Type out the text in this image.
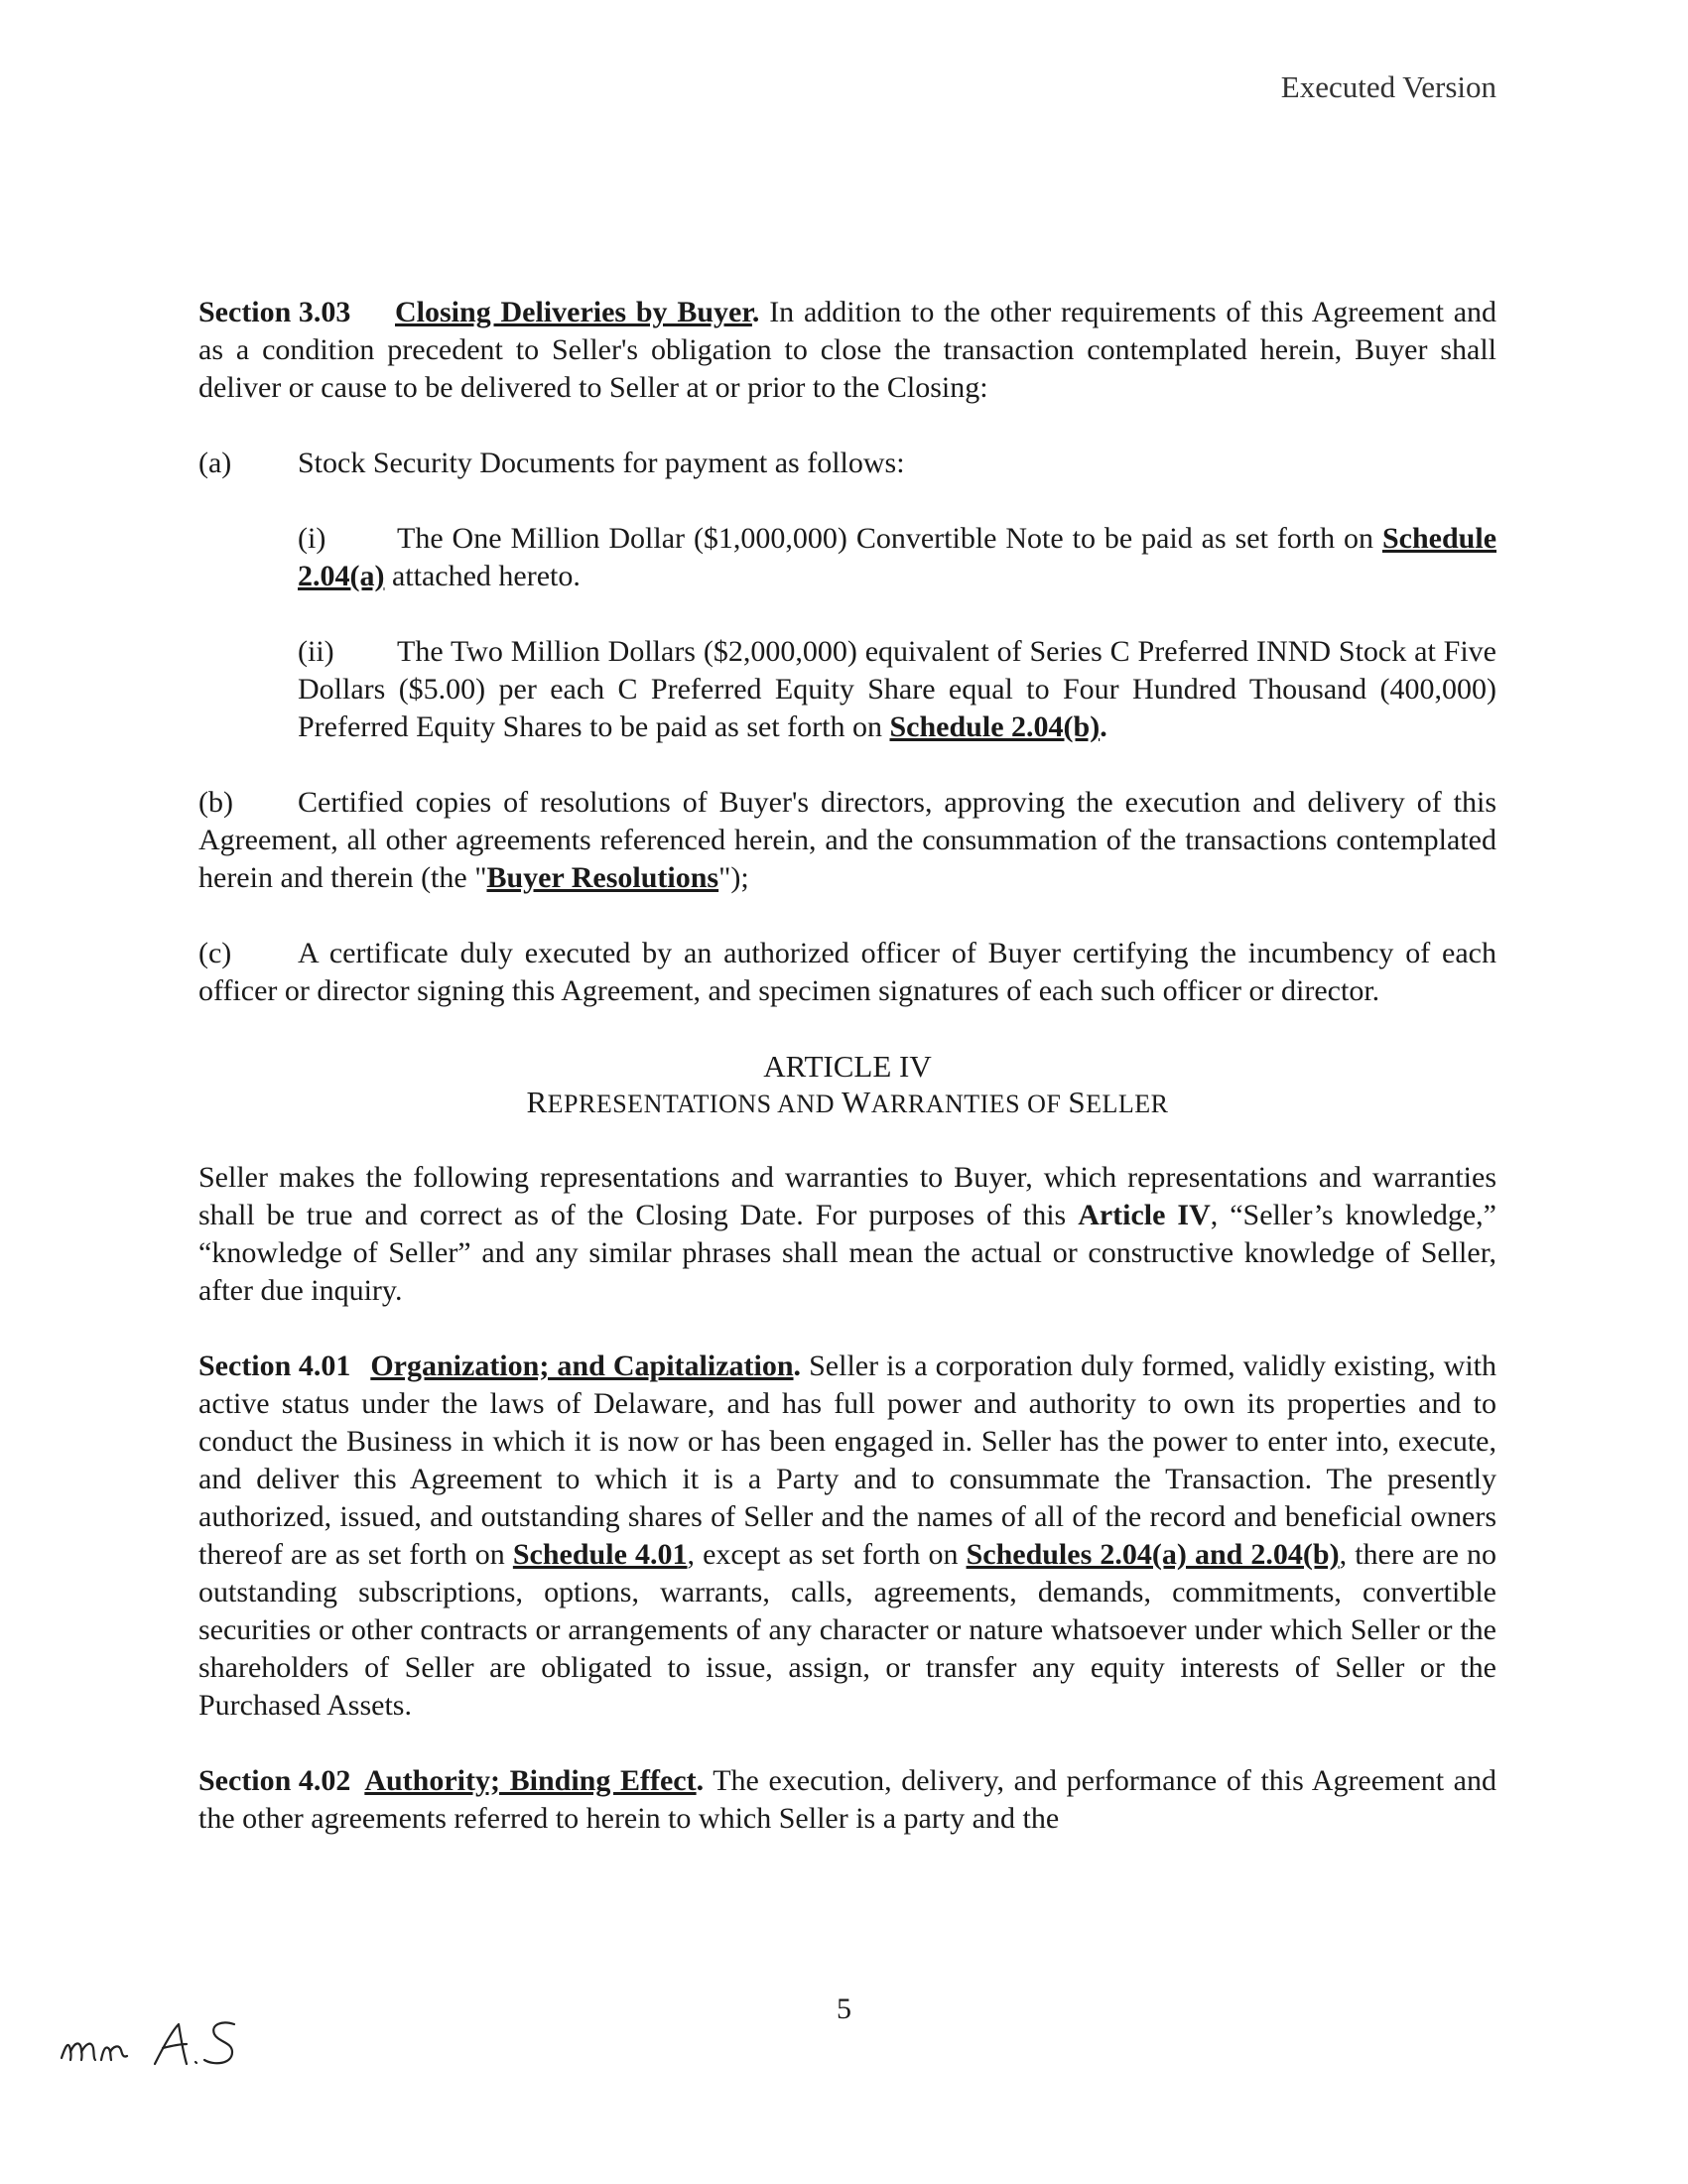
Executed Version

Section 3.03 Closing Deliveries by Buyer. In addition to the other requirements of this Agreement and as a condition precedent to Seller's obligation to close the transaction contemplated herein, Buyer shall deliver or cause to be delivered to Seller at or prior to the Closing:

(a) Stock Security Documents for payment as follows:

(i) The One Million Dollar ($1,000,000) Convertible Note to be paid as set forth on Schedule 2.04(a) attached hereto.

(ii) The Two Million Dollars ($2,000,000) equivalent of Series C Preferred INND Stock at Five Dollars ($5.00) per each C Preferred Equity Share equal to Four Hundred Thousand (400,000) Preferred Equity Shares to be paid as set forth on Schedule 2.04(b).

(b) Certified copies of resolutions of Buyer's directors, approving the execution and delivery of this Agreement, all other agreements referenced herein, and the consummation of the transactions contemplated herein and therein (the "Buyer Resolutions");

(c) A certificate duly executed by an authorized officer of Buyer certifying the incumbency of each officer or director signing this Agreement, and specimen signatures of each such officer or director.

ARTICLE IV

REPRESENTATIONS AND WARRANTIES OF SELLER

Seller makes the following representations and warranties to Buyer, which representations and warranties shall be true and correct as of the Closing Date. For purposes of this Article IV, “Seller’s knowledge,” “knowledge of Seller” and any similar phrases shall mean the actual or constructive knowledge of Seller, after due inquiry.

Section 4.01 Organization; and Capitalization. Seller is a corporation duly formed, validly existing, with active status under the laws of Delaware, and has full power and authority to own its properties and to conduct the Business in which it is now or has been engaged in. Seller has the power to enter into, execute, and deliver this Agreement to which it is a Party and to consummate the Transaction. The presently authorized, issued, and outstanding shares of Seller and the names of all of the record and beneficial owners thereof are as set forth on Schedule 4.01, except as set forth on Schedules 2.04(a) and 2.04(b), there are no outstanding subscriptions, options, warrants, calls, agreements, demands, commitments, convertible securities or other contracts or arrangements of any character or nature whatsoever under which Seller or the shareholders of Seller are obligated to issue, assign, or transfer any equity interests of Seller or the Purchased Assets.

Section 4.02 Authority; Binding Effect. The execution, delivery, and performance of this Agreement and the other agreements referred to herein to which Seller is a party and the

5
